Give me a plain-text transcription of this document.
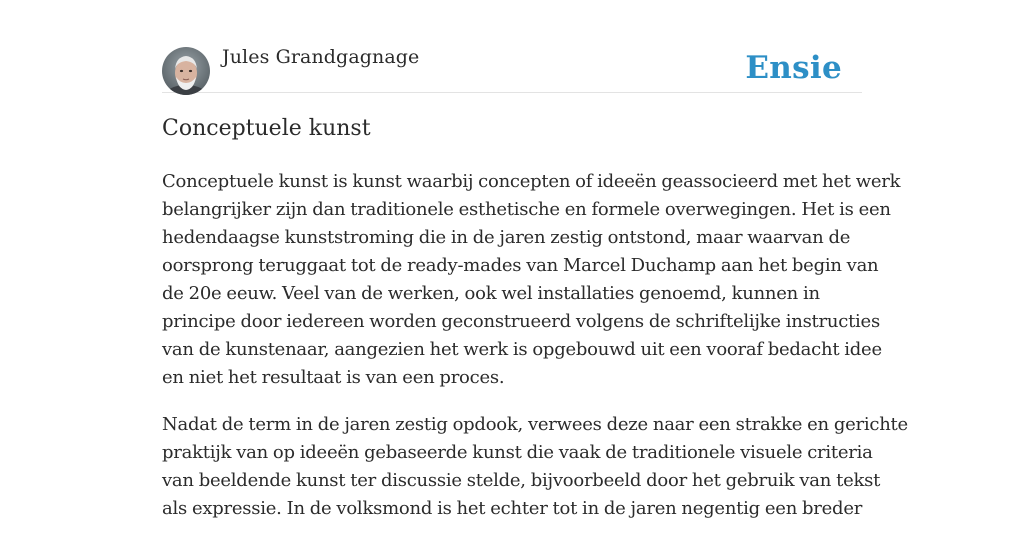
Jules Grandgagnage	Ensie
Conceptuele kunst

Conceptuele kunst is kunst waarbij concepten of ideeën geassocieerd met het werk
belangrijker zijn dan traditionele esthetische en formele overwegingen. Het is een
hedendaagse kunststroming die in de jaren zestig ontstond, maar waarvan de
oorsprong teruggaat tot de ready-mades van Marcel Duchamp aan het begin van
de 20e eeuw. Veel van de werken, ook wel installaties genoemd, kunnen in
principe door iedereen worden geconstrueerd volgens de schriftelijke instructies
van de kunstenaar, aangezien het werk is opgebouwd uit een vooraf bedacht idee
en niet het resultaat is van een proces.

Nadat de term in de jaren zestig opdook, verwees deze naar een strakke en gerichte
praktijk van op ideeën gebaseerde kunst die vaak de traditionele visuele criteria
van beeldende kunst ter discussie stelde, bijvoorbeeld door het gebruik van tekst
als expressie. In de volksmond is het echter tot in de jaren negentig een breder
